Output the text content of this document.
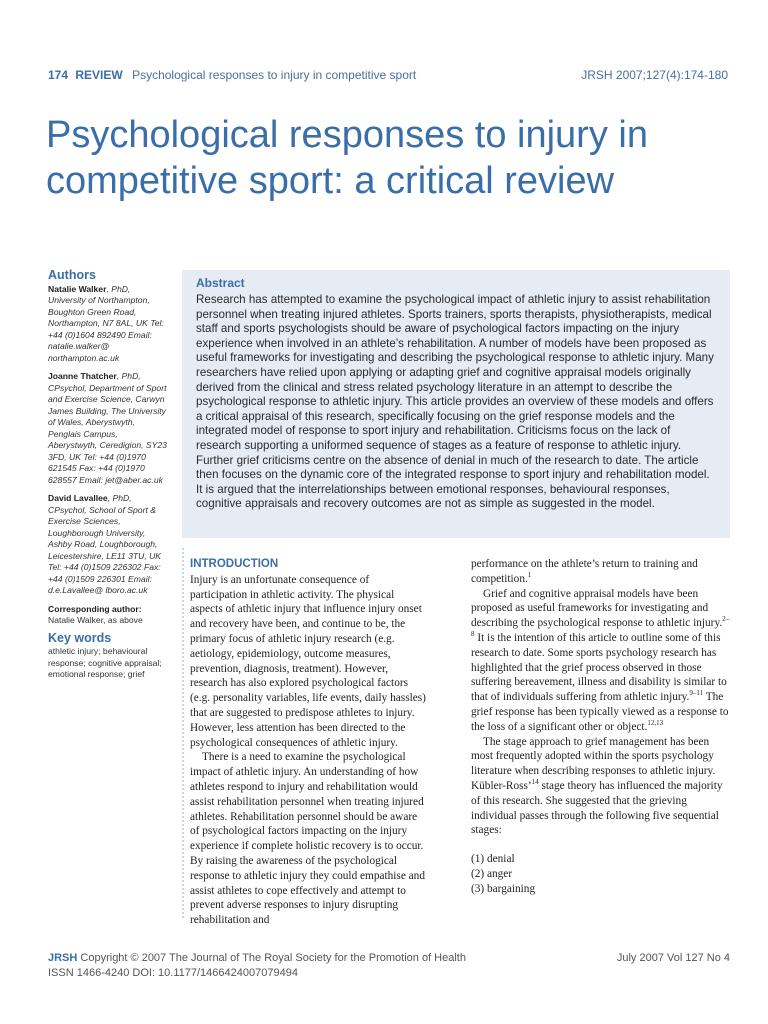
174 REVIEW Psychological responses to injury in competitive sport	JRSH 2007;127(4):174-180
Psychological responses to injury in competitive sport: a critical review
Authors
Natalie Walker, PhD, University of Northampton, Boughton Green Road, Northampton, N7 8AL, UK Tel: +44 (0)1604 892490 Email: natalie.walker@ northampton.ac.uk
Joanne Thatcher, PhD, CPsychol, Department of Sport and Exercise Science, Carwyn James Building, The University of Wales, Aberystwyth, Penglais Campus, Aberystwyth, Ceredigion, SY23 3FD, UK Tel: +44 (0)1970 621545 Fax: +44 (0)1970 628557 Email: jet@aber.ac.uk
David Lavallee, PhD, CPsychol, School of Sport & Exercise Sciences, Loughborough University, Ashby Road, Loughborough, Leicestershire, LE11 3TU, UK Tel: +44 (0)1509 226302 Fax: +44 (0)1509 226301 Email: d.e.Lavallee@ lboro.ac.uk
Corresponding author:
Natalie Walker, as above
Key words
athletic injury; behavioural response; cognitive appraisal; emotional response; grief
Abstract
Research has attempted to examine the psychological impact of athletic injury to assist rehabilitation personnel when treating injured athletes. Sports trainers, sports therapists, physiotherapists, medical staff and sports psychologists should be aware of psychological factors impacting on the injury experience when involved in an athlete’s rehabilitation. A number of models have been proposed as useful frameworks for investigating and describing the psychological response to athletic injury. Many researchers have relied upon applying or adapting grief and cognitive appraisal models originally derived from the clinical and stress related psychology literature in an attempt to describe the psychological response to athletic injury. This article provides an overview of these models and offers a critical appraisal of this research, specifically focusing on the grief response models and the integrated model of response to sport injury and rehabilitation. Criticisms focus on the lack of research supporting a uniformed sequence of stages as a feature of response to athletic injury. Further grief criticisms centre on the absence of denial in much of the research to date. The article then focuses on the dynamic core of the integrated response to sport injury and rehabilitation model. It is argued that the interrelationships between emotional responses, behavioural responses, cognitive appraisals and recovery outcomes are not as simple as suggested in the model.
INTRODUCTION

Injury is an unfortunate consequence of participation in athletic activity. The physical aspects of athletic injury that influence injury onset and recovery have been, and continue to be, the primary focus of athletic injury research (e.g. aetiology, epidemiology, outcome measures, prevention, diagnosis, treatment). However, research has also explored psychological factors (e.g. personality variables, life events, daily hassles) that are suggested to predispose athletes to injury. However, less attention has been directed to the psychological consequences of athletic injury.

There is a need to examine the psychological impact of athletic injury. An understanding of how athletes respond to injury and rehabilitation would assist rehabilitation personnel when treating injured athletes. Rehabilitation personnel should be aware of psychological factors impacting on the injury experience if complete holistic recovery is to occur. By raising the awareness of the psychological response to athletic injury they could empathise and assist athletes to cope effectively and attempt to prevent adverse responses to injury disrupting rehabilitation and

performance on the athlete’s return to training and competition.$^1$

Grief and cognitive appraisal models have been proposed as useful frameworks for investigating and describing the psychological response to athletic injury.$^{2-8}$ It is the intention of this article to outline some of this research to date. Some sports psychology research has highlighted that the grief process observed in those suffering bereavement, illness and disability is similar to that of individuals suffering from athletic injury.$^{9-11}$ The grief response has been typically viewed as a response to the loss of a significant other or object.$^{12,13}$

The stage approach to grief management has been most frequently adopted within the sports psychology literature when describing responses to athletic injury. Kübler-Ross’$^{14}$ stage theory has influenced the majority of this research. She suggested that the grieving individual passes through the following five sequential stages:

(1) denial
(2) anger
(3) bargaining
JRSH Copyright © 2007 The Journal of The Royal Society for the Promotion of Health	July 2007 Vol 127 No 4
ISSN 1466-4240 DOI: 10.1177/1466424007079494
